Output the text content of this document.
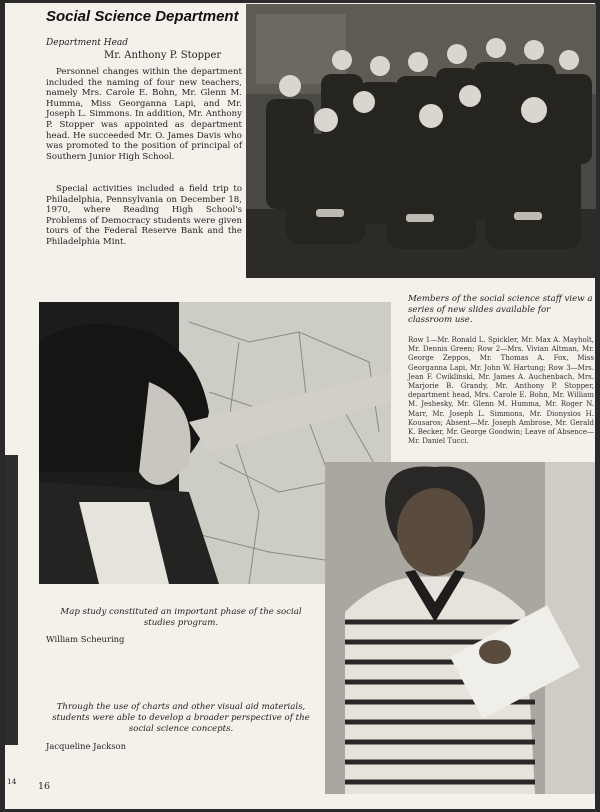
Social Science Department
Department Head
Mr. Anthony P. Stopper

Personnel changes within the department included the naming of four new teachers, namely Mrs. Carole E. Bohn, Mr. Glenn M. Humma, Miss Georganna Lapi, and Mr. Joseph L. Simmons. In addition, Mr. Anthony P. Stopper was appointed as department head. He succeeded Mr. O. James Davis who was promoted to the position of principal of Southern Junior High School.

Special activities included a field trip to Philadelphia, Pennsylvania on December 18, 1970, where Reading High School's Problems of Democracy students were given tours of the Federal Reserve Bank and the Philadelphia Mint.

Members of the social science staff view a series of new slides available for classroom use.

Row 1—Mr. Ronald L. Spickler, Mr. Max A. Mayholt, Mr. Dennis Green; Row 2—Mrs. Vivian Altman, Mr. George Zeppos, Mr. Thomas A. Fox, Miss Georganna Lapi, Mr. John W. Hartung; Row 3—Mrs. Jean F. Cwiklinski, Mr. James A. Auchenbach, Mrs. Marjorie B. Grandy, Mr. Anthony P. Stopper, department head, Mrs. Carole E. Bohn, Mr. William M. Jeshesky, Mr. Glenn M. Humma, Mr. Roger N. Marr, Mr. Joseph L. Simmons, Mr. Dionysios H. Kousaros; Absent—Mr. Joseph Ambrose, Mr. Gerald K. Becker, Mr. George Goodwin; Leave of Absence—Mr. Daniel Tucci.

Map study constituted an important phase of the social studies program.

William Scheuring

Through the use of charts and other visual aid materials, students were able to develop a broader perspective of the social science concepts.

Jacqueline Jackson
14 16
